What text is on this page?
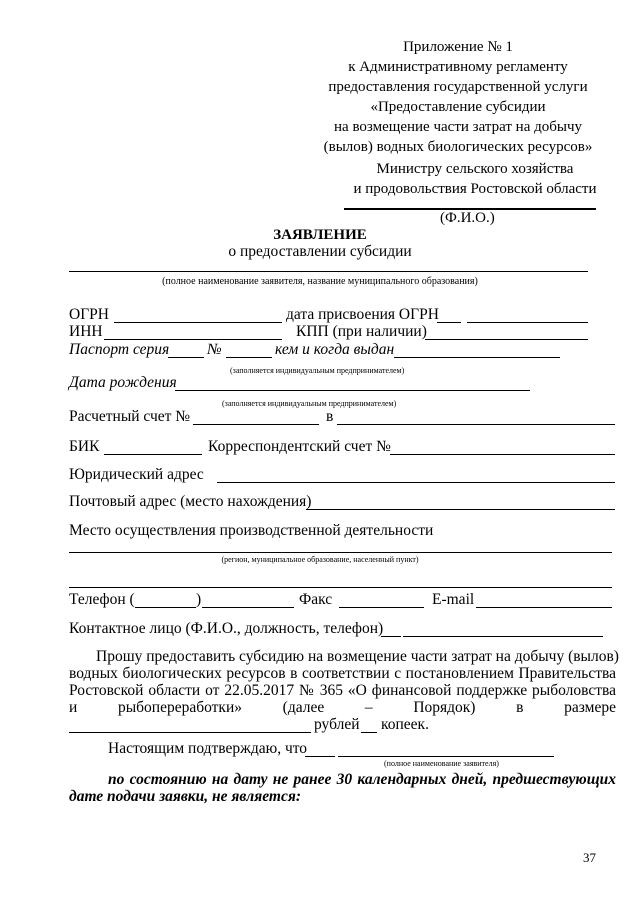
Приложение № 1
к Административному регламенту
предоставления государственной услуги
«Предоставление субсидии
на возмещение части затрат на добычу
(вылов) водных биологических ресурсов»
Министру сельского хозяйства
и продовольствия Ростовской области
(Ф.И.О.)
ЗАЯВЛЕНИЕ
о предоставлении субсидии
(полное наименование заявителя, название муниципального образования)
ОГРН	дата присвоения ОГРН
ИНН	КПП (при наличии)
Паспорт серия №	кем и когда выдан
(заполняется индивидуальным предпринимателем)
Дата рождения
(заполняется индивидуальным предпринимателем)
Расчетный счет №	в
БИК	Корреспондентский счет №
Юридический адрес
Почтовый адрес (место нахождения)
Место осуществления производственной деятельности
(регион, муниципальное образование, населенный пункт)
Телефон (	)	Факс	E-mail
Контактное лицо (Ф.И.О., должность, телефон)
Прошу предоставить субсидию на возмещение части затрат на добычу (вылов)
водных биологических ресурсов в соответствии с постановлением Правительства
Ростовской области от 22.05.2017 № 365 «О финансовой поддержке рыболовства
и	рыбопереработки»	(далее	–	Порядок)	в	размере
рублей копеек.
Настоящим подтверждаю, что
(полное наименование заявителя)
по состоянию на дату не ранее 30 календарных дней, предшествующих
дате подачи заявки, не является:
37
